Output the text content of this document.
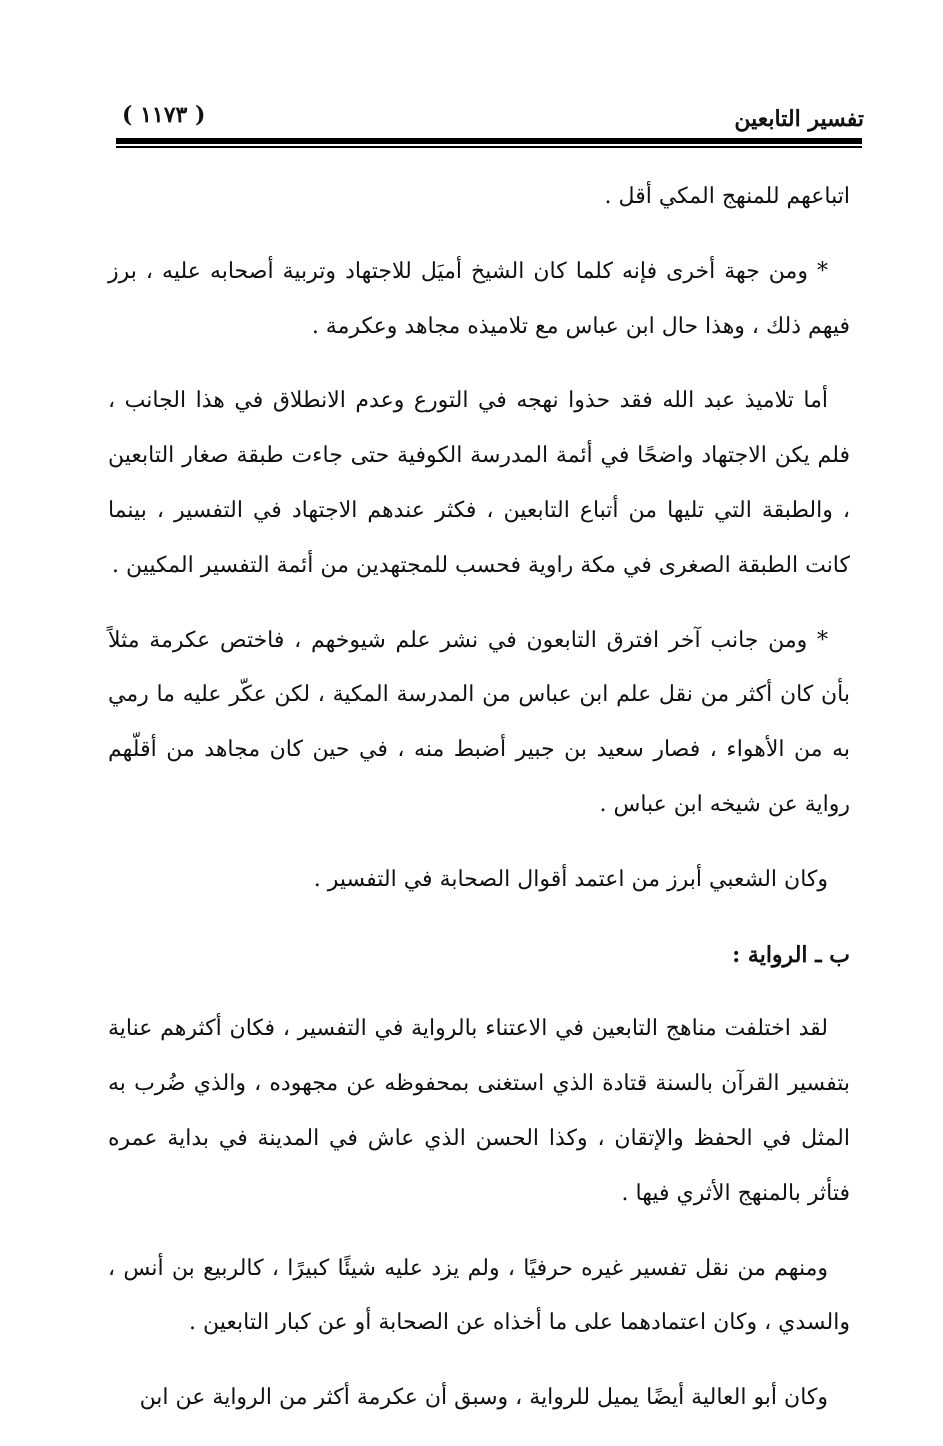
تفسير التابعين
( ١١٧٣ )

اتباعهم للمنهج المكي أقل .

* ومن جهة أخرى فإنه كلما كان الشيخ أميَل للاجتهاد وتربية أصحابه عليه ، برز فيهم ذلك ، وهذا حال ابن عباس مع تلاميذه مجاهد وعكرمة .

أما تلاميذ عبد الله فقد حذوا نهجه في التورع وعدم الانطلاق في هذا الجانب ، فلم يكن الاجتهاد واضحًا في أئمة المدرسة الكوفية حتى جاءت طبقة صغار التابعين ، والطبقة التي تليها من أتباع التابعين ، فكثر عندهم الاجتهاد في التفسير ، بينما كانت الطبقة الصغرى في مكة راوية فحسب للمجتهدين من أئمة التفسير المكيين .

* ومن جانب آخر افترق التابعون في نشر علم شيوخهم ، فاختص عكرمة مثلاً بأن كان أكثر من نقل علم ابن عباس من المدرسة المكية ، لكن عكّر عليه ما رمي به من الأهواء ، فصار سعيد بن جبير أضبط منه ، في حين كان مجاهد من أقلّهم رواية عن شيخه ابن عباس .

وكان الشعبي أبرز من اعتمد أقوال الصحابة في التفسير .

ب ـ الرواية :

لقد اختلفت مناهج التابعين في الاعتناء بالرواية في التفسير ، فكان أكثرهم عناية بتفسير القرآن بالسنة قتادة الذي استغنى بمحفوظه عن مجهوده ، والذي ضُرب به المثل في الحفظ والإتقان ، وكذا الحسن الذي عاش في المدينة في بداية عمره فتأثر بالمنهج الأثري فيها .

ومنهم من نقل تفسير غيره حرفيًا ، ولم يزد عليه شيئًا كبيرًا ، كالربيع بن أنس ، والسدي ، وكان اعتمادهما على ما أخذاه عن الصحابة أو عن كبار التابعين .

وكان أبو العالية أيضًا يميل للرواية ، وسبق أن عكرمة أكثر من الرواية عن ابن
